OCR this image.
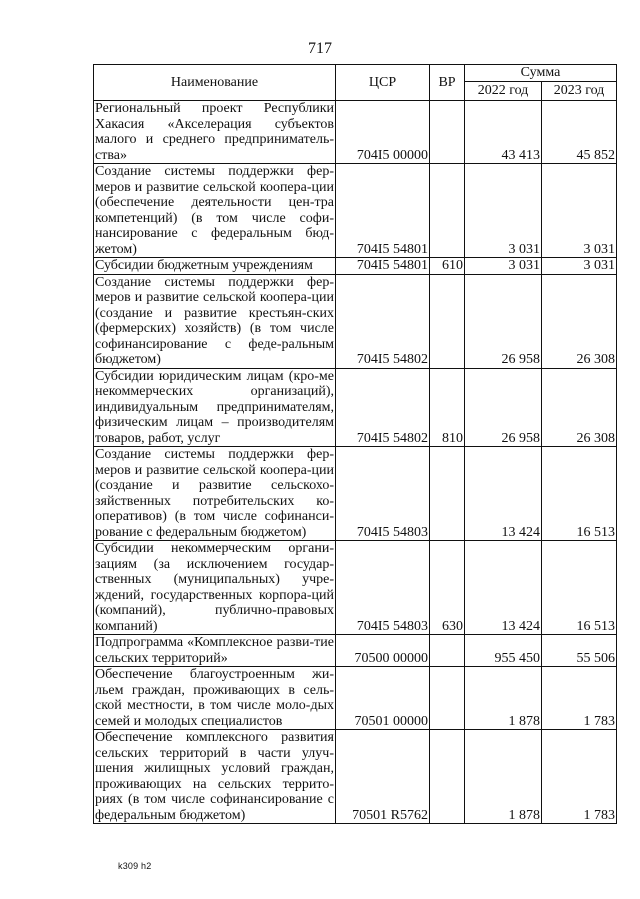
717
Наименование	ЦСР	ВР	Сумма	
			2022 год	2023 год
Региональный проект Республики Хакасия «Акселерация субъектов малого и среднего предприниматель-ства»	704I5 00000		43 413	45 852
Создание системы поддержки фер-меров и развитие сельской коопера-ции (обеспечение деятельности цен-тра компетенций) (в том числе софи-нансирование с федеральным бюд-жетом)	704I5 54801		3 031	3 031
Субсидии бюджетным учреждениям	704I5 54801	610	3 031	3 031
Создание системы поддержки фер-меров и развитие сельской коопера-ции (создание и развитие крестьян-ских (фермерских) хозяйств) (в том числе софинансирование с феде-ральным бюджетом)	704I5 54802		26 958	26 308
Субсидии юридическим лицам (кро-ме некоммерческих организаций), индивидуальным предпринимателям, физическим лицам – производителям товаров, работ, услуг	704I5 54802	810	26 958	26 308
Создание системы поддержки фер-меров и развитие сельской коопера-ции (создание и развитие сельскохо-зяйственных потребительских ко-оперативов) (в том числе софинанси-рование с федеральным бюджетом)	704I5 54803		13 424	16 513
Субсидии некоммерческим органи-зациям (за исключением государ-ственных (муниципальных) учре-ждений, государственных корпора-ций (компаний), публично-правовых компаний)	704I5 54803	630	13 424	16 513
Подпрограмма «Комплексное разви-тие сельских территорий»	70500 00000		955 450	55 506
Обеспечение благоустроенным жи-льем граждан, проживающих в сель-ской местности, в том числе моло-дых семей и молодых специалистов	70501 00000		1 878	1 783
Обеспечение комплексного развития сельских территорий в части улуч-шения жилищных условий граждан, проживающих на сельских террито-риях (в том числе софинансирование с федеральным бюджетом)	70501 R5762		1 878	1 783
k309 h2
